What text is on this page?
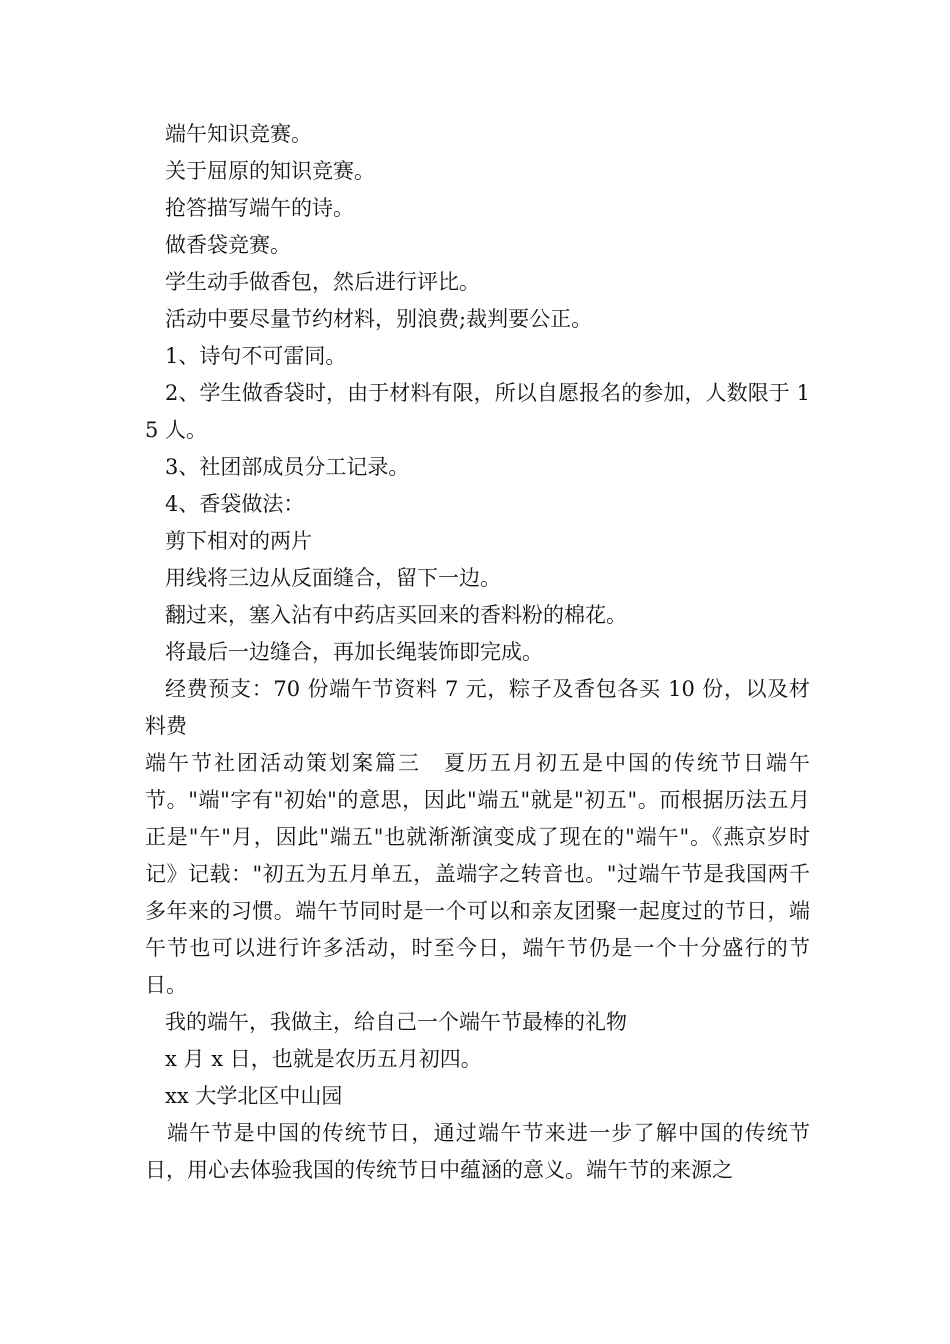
端午知识竞赛。

关于屈原的知识竞赛。

抢答描写端午的诗。

做香袋竞赛。

学生动手做香包，然后进行评比。

活动中要尽量节约材料，别浪费;裁判要公正。

1、诗句不可雷同。

2、学生做香袋时，由于材料有限，所以自愿报名的参加，人数限于 15 人。

3、社团部成员分工记录。

4、香袋做法：

剪下相对的两片

用线将三边从反面缝合，留下一边。

翻过来，塞入沾有中药店买回来的香料粉的棉花。

将最后一边缝合，再加长绳装饰即完成。

经费预支：70 份端午节资料 7 元，粽子及香包各买 10 份，以及材料费

端午节社团活动策划案篇三　夏历五月初五是中国的传统节日端午节。"端"字有"初始"的意思，因此"端五"就是"初五"。而根据历法五月正是"午"月，因此"端五"也就渐渐演变成了现在的"端午"。《燕京岁时记》记载："初五为五月单五，盖端字之转音也。"过端午节是我国两千多年来的习惯。端午节同时是一个可以和亲友团聚一起度过的节日，端午节也可以进行许多活动，时至今日，端午节仍是一个十分盛行的节日。

我的端午，我做主，给自己一个端午节最棒的礼物

x 月 x 日，也就是农历五月初四。

xx 大学北区中山园

端午节是中国的传统节日，通过端午节来进一步了解中国的传统节日，用心去体验我国的传统节日中蕴涵的意义。端午节的来源之
